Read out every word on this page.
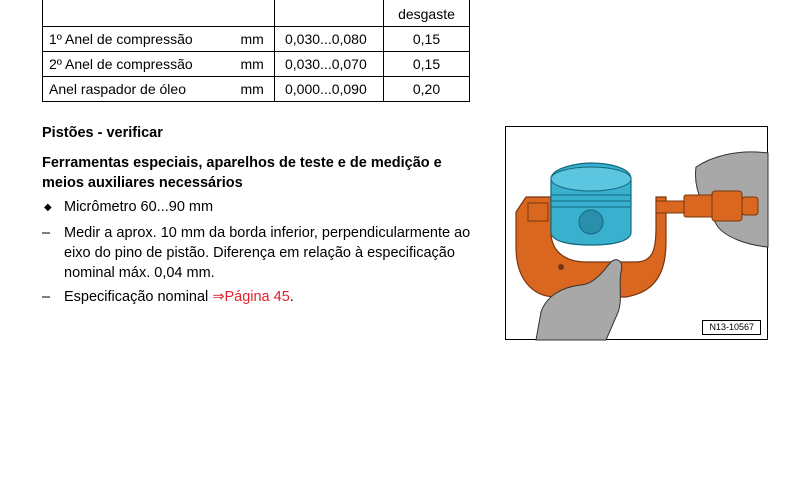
			desgaste
1º Anel de compressão	mm	0,030...0,080	0,15
2º Anel de compressão	mm	0,030...0,070	0,15
Anel raspador de óleo	mm	0,000...0,090	0,20
Pistões - verificar
Ferramentas especiais, aparelhos de teste e de medição e meios auxiliares necessários
◆ Micrômetro 60...90 mm
– Medir a aprox. 10 mm da borda inferior, perpendicularmente ao eixo do pino de pistão. Diferença em relação à especificação nominal máx. 0,04 mm.
– Especificação nominal ⇒Página 45.
N13-10567
